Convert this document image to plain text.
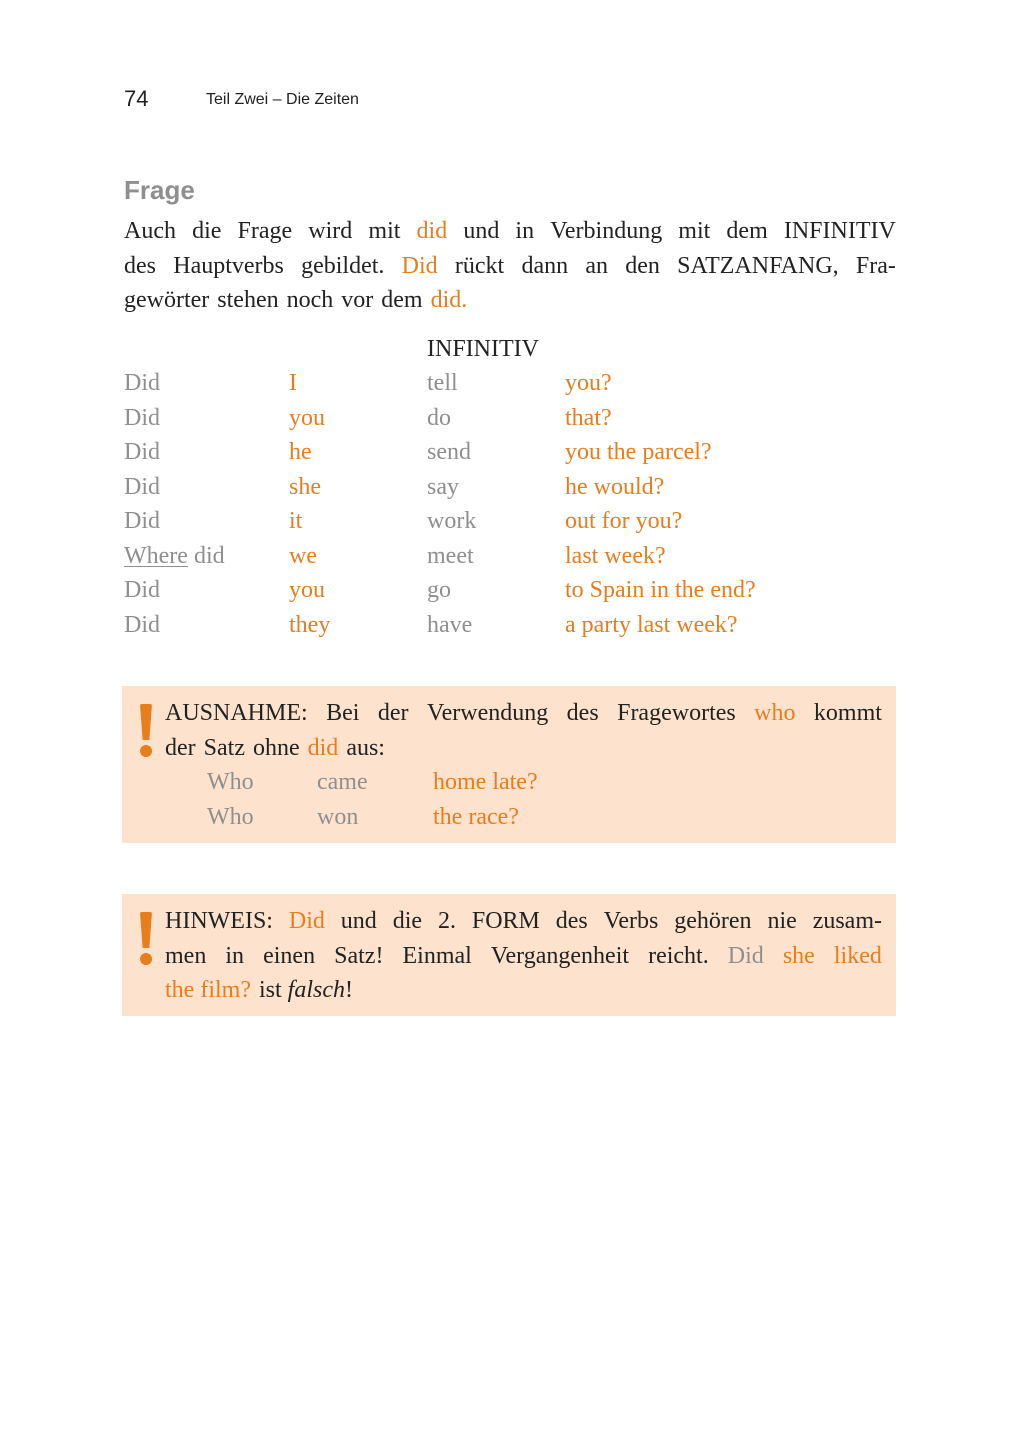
74	Teil Zwei – Die Zeiten
Frage
Auch die Frage wird mit did und in Verbindung mit dem INFINITIV
des Hauptverbs gebildet. Did rückt dann an den SATZANFANG, Fra-
gewörter stehen noch vor dem did.
INFINITIV
Did	I	tell	you?
Did	you	do	that?
Did	he	send	you the parcel?
Did	she	say	he would?
Did	it	work	out for you?
Where did	we	meet	last week?
Did	you	go	to Spain in the end?
Did	they	have	a party last week?
AUSNAHME: Bei der Verwendung des Fragewortes who kommt
der Satz ohne did aus:
Who	came	home late?
Who	won	the race?
HINWEIS: Did und die 2. FORM des Verbs gehören nie zusam-
men in einen Satz! Einmal Vergangenheit reicht. Did she liked
the film? ist falsch!
